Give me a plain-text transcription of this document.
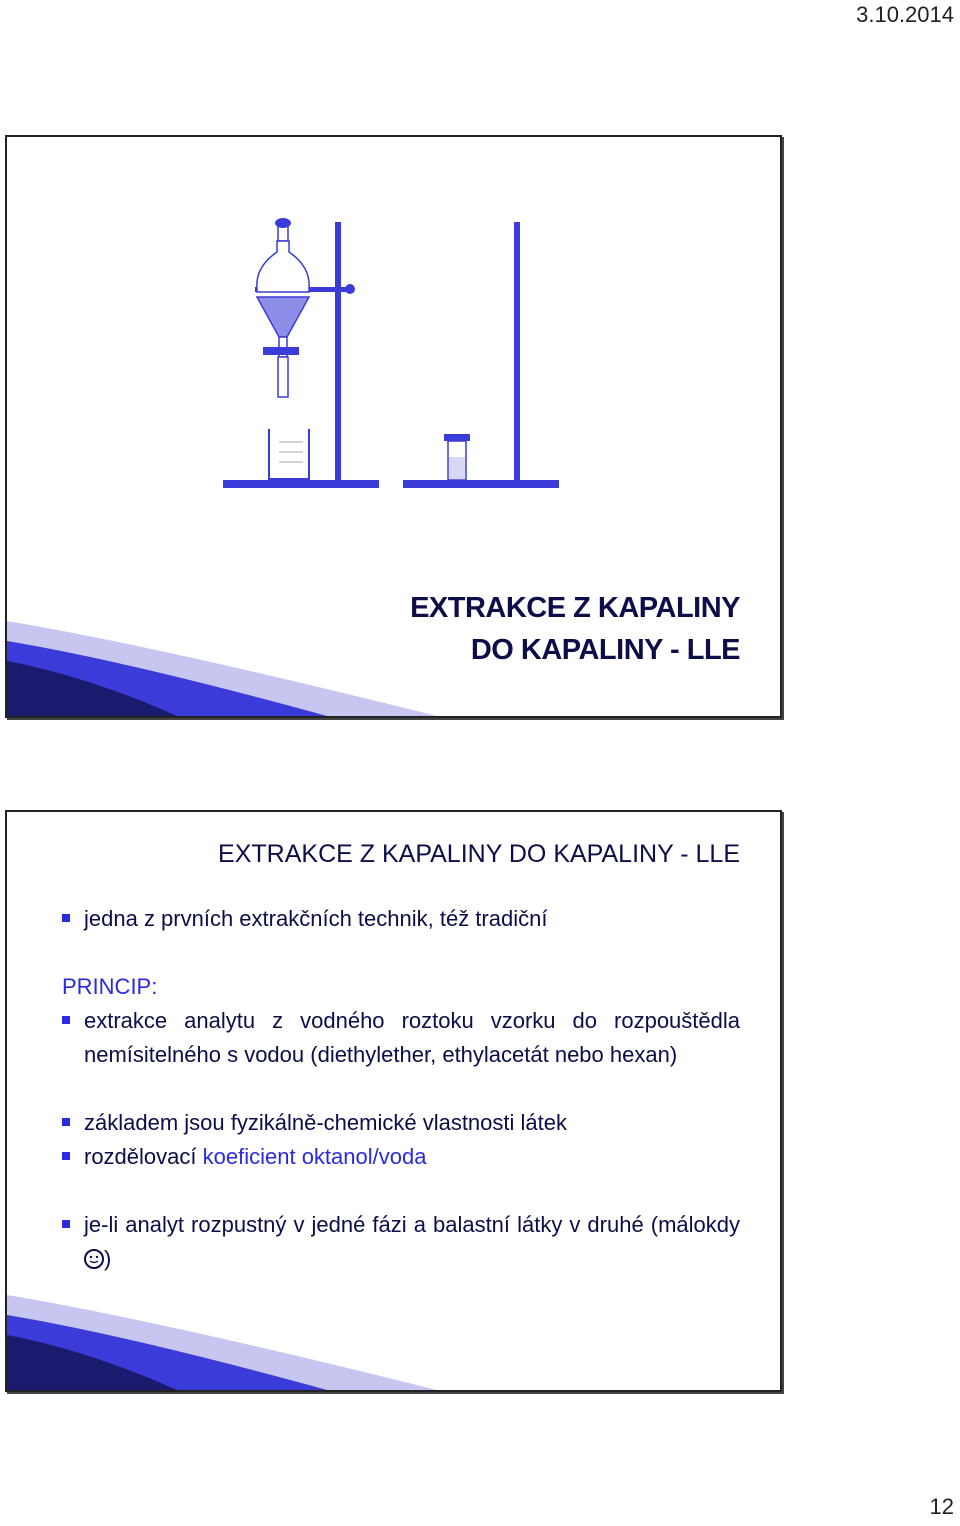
3.10.2014
EXTRAKCE Z KAPALINY
DO KAPALINY - LLE
EXTRAKCE Z KAPALINY DO KAPALINY - LLE
jedna z prvních extrakčních technik, též tradiční
PRINCIP:
extrakce analytu z vodného roztoku vzorku do rozpouštědla nemísitelného s vodou (diethylether, ethylacetát nebo hexan)
základem jsou fyzikálně-chemické vlastnosti látek
rozdělovací koeficient oktanol/voda
je-li analyt rozpustný v jedné fázi a balastní látky v druhé (málokdy
)
12
